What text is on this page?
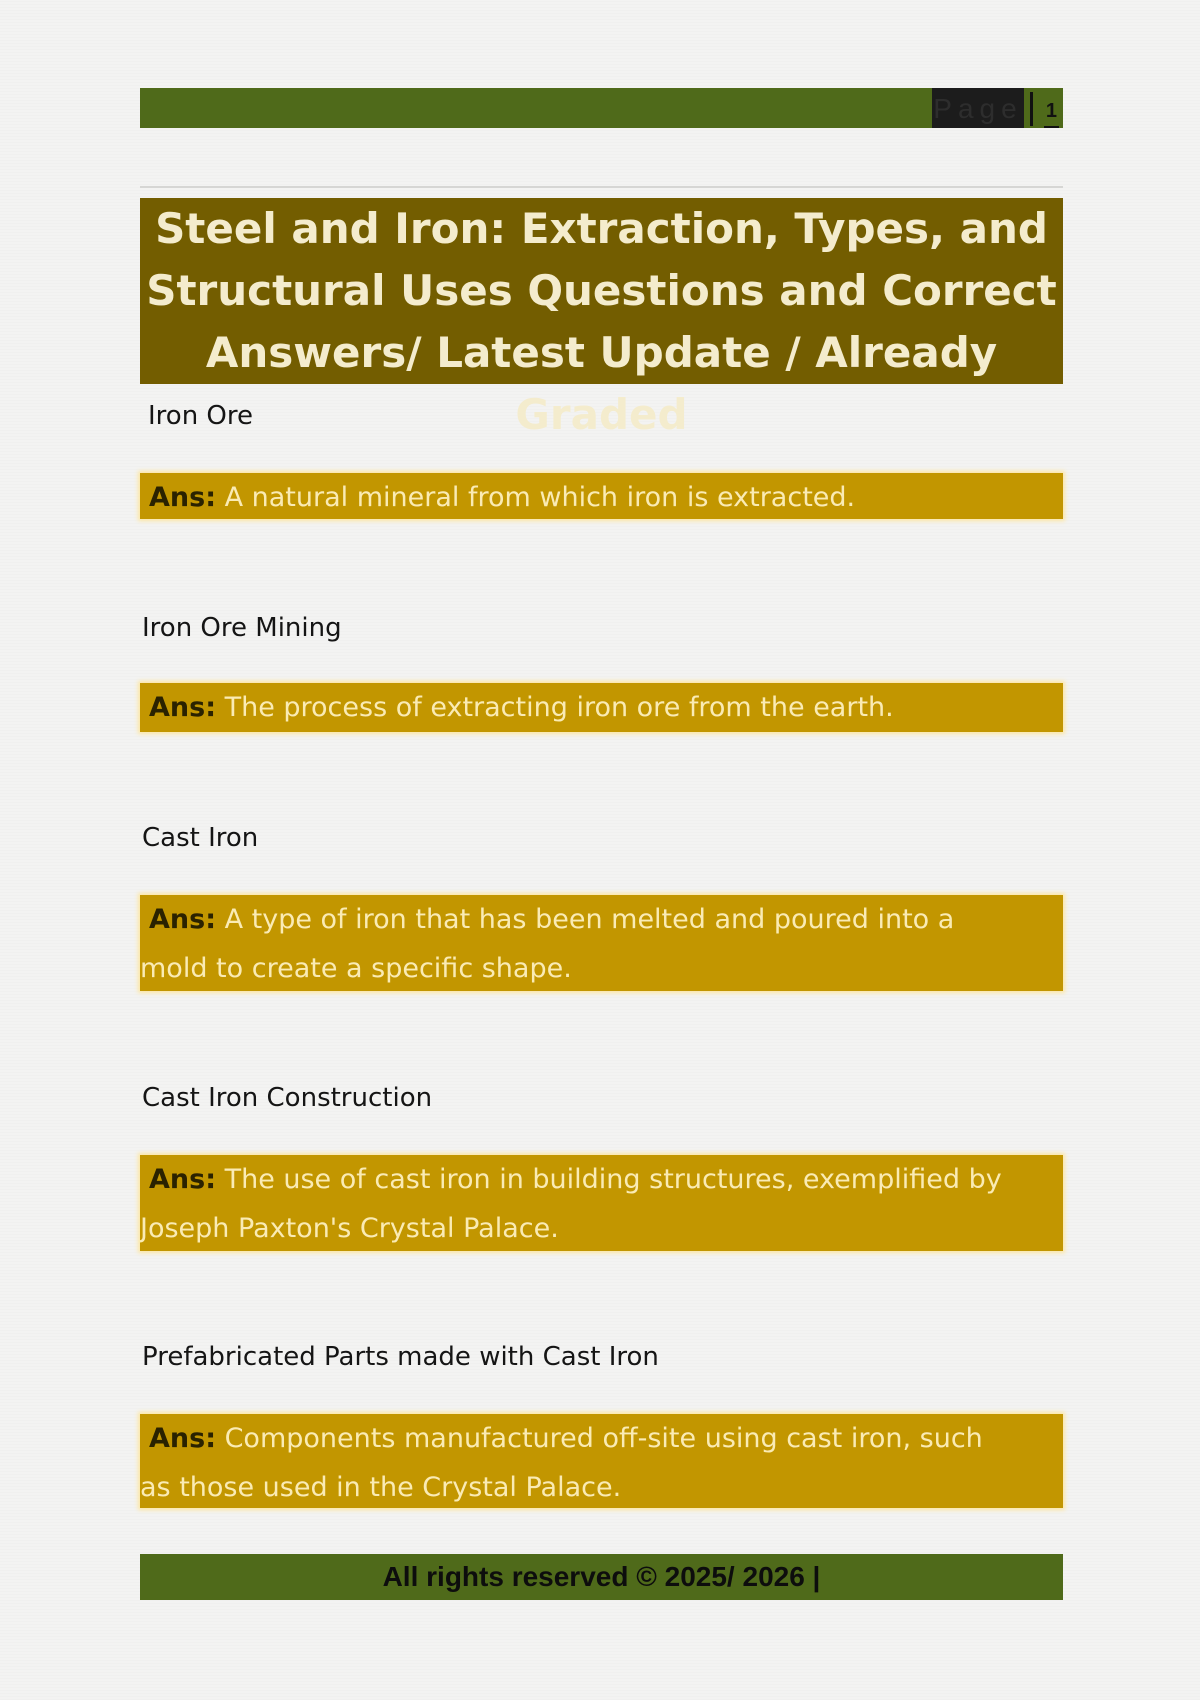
Page 1
Steel and Iron: Extraction, Types, and
Structural Uses Questions and Correct
Answers/ Latest Update / Already Graded
Iron Ore
Ans: A natural mineral from which iron is extracted.
Iron Ore Mining
Ans: The process of extracting iron ore from the earth.
Cast Iron
Ans: A type of iron that has been melted and poured into a
mold to create a specific shape.
Cast Iron Construction
Ans: The use of cast iron in building structures, exemplified by
Joseph Paxton's Crystal Palace.
Prefabricated Parts made with Cast Iron
Ans: Components manufactured off-site using cast iron, such
as those used in the Crystal Palace.
All rights reserved © 2025/ 2026 |
